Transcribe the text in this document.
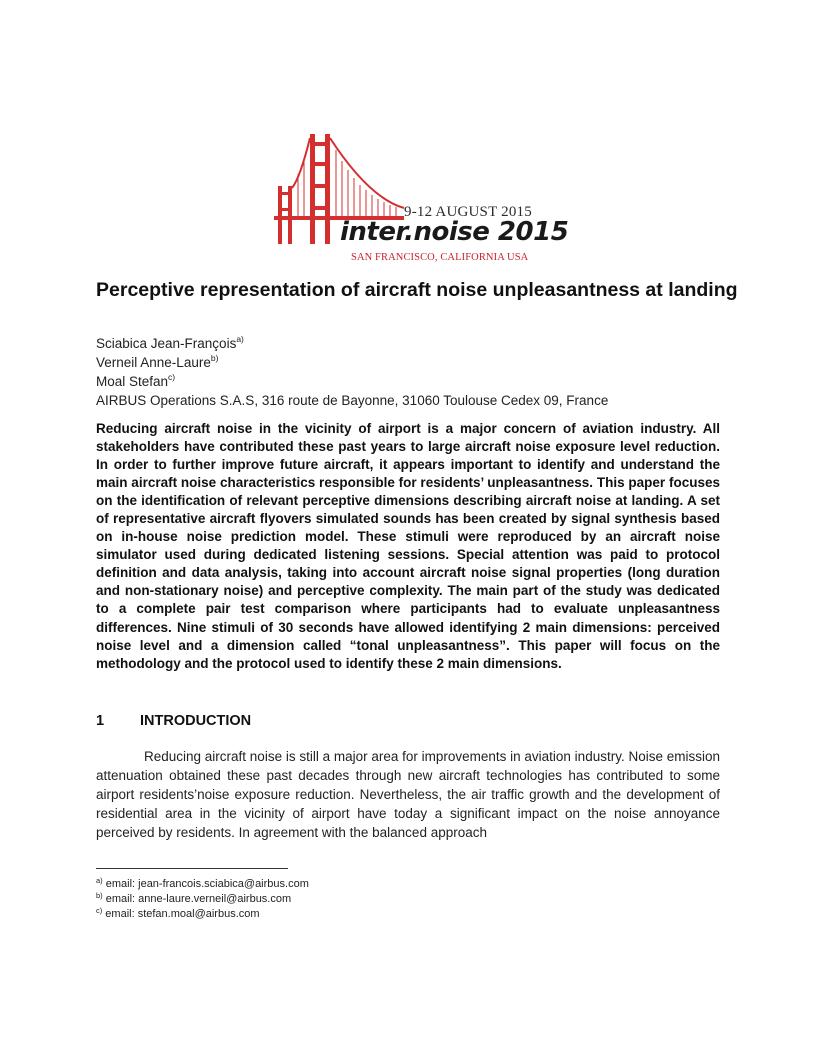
9-12 AUGUST 2015
inter.noise 2015
SAN FRANCISCO, CALIFORNIA USA
Perceptive representation of aircraft noise unpleasantness at landing
Sciabica Jean-François$^{a)}$
Verneil Anne-Laure$^{b)}$
Moal Stefan$^{c)}$
AIRBUS Operations S.A.S, 316 route de Bayonne, 31060 Toulouse Cedex 09, France

Reducing aircraft noise in the vicinity of airport is a major concern of aviation industry. All stakeholders have contributed these past years to large aircraft noise exposure level reduction. In order to further improve future aircraft, it appears important to identify and understand the main aircraft noise characteristics responsible for residents’ unpleasantness. This paper focuses on the identification of relevant perceptive dimensions describing aircraft noise at landing. A set of representative aircraft flyovers simulated sounds has been created by signal synthesis based on in-house noise prediction model. These stimuli were reproduced by an aircraft noise simulator used during dedicated listening sessions. Special attention was paid to protocol definition and data analysis, taking into account aircraft noise signal properties (long duration and non-stationary noise) and perceptive complexity. The main part of the study was dedicated to a complete pair test comparison where participants had to evaluate unpleasantness differences. Nine stimuli of 30 seconds have allowed identifying 2 main dimensions: perceived noise level and a dimension called “tonal unpleasantness”. This paper will focus on the methodology and the protocol used to identify these 2 main dimensions.

1 INTRODUCTION

Reducing aircraft noise is still a major area for improvements in aviation industry. Noise emission attenuation obtained these past decades through new aircraft technologies has contributed to some airport residents’noise exposure reduction. Nevertheless, the air traffic growth and the development of residential area in the vicinity of airport have today a significant impact on the noise annoyance perceived by residents. In agreement with the balanced approach

$^{a)}$ email: jean-francois.sciabica@airbus.com
$^{b)}$ email: anne-laure.verneil@airbus.com
$^{c)}$ email: stefan.moal@airbus.com
